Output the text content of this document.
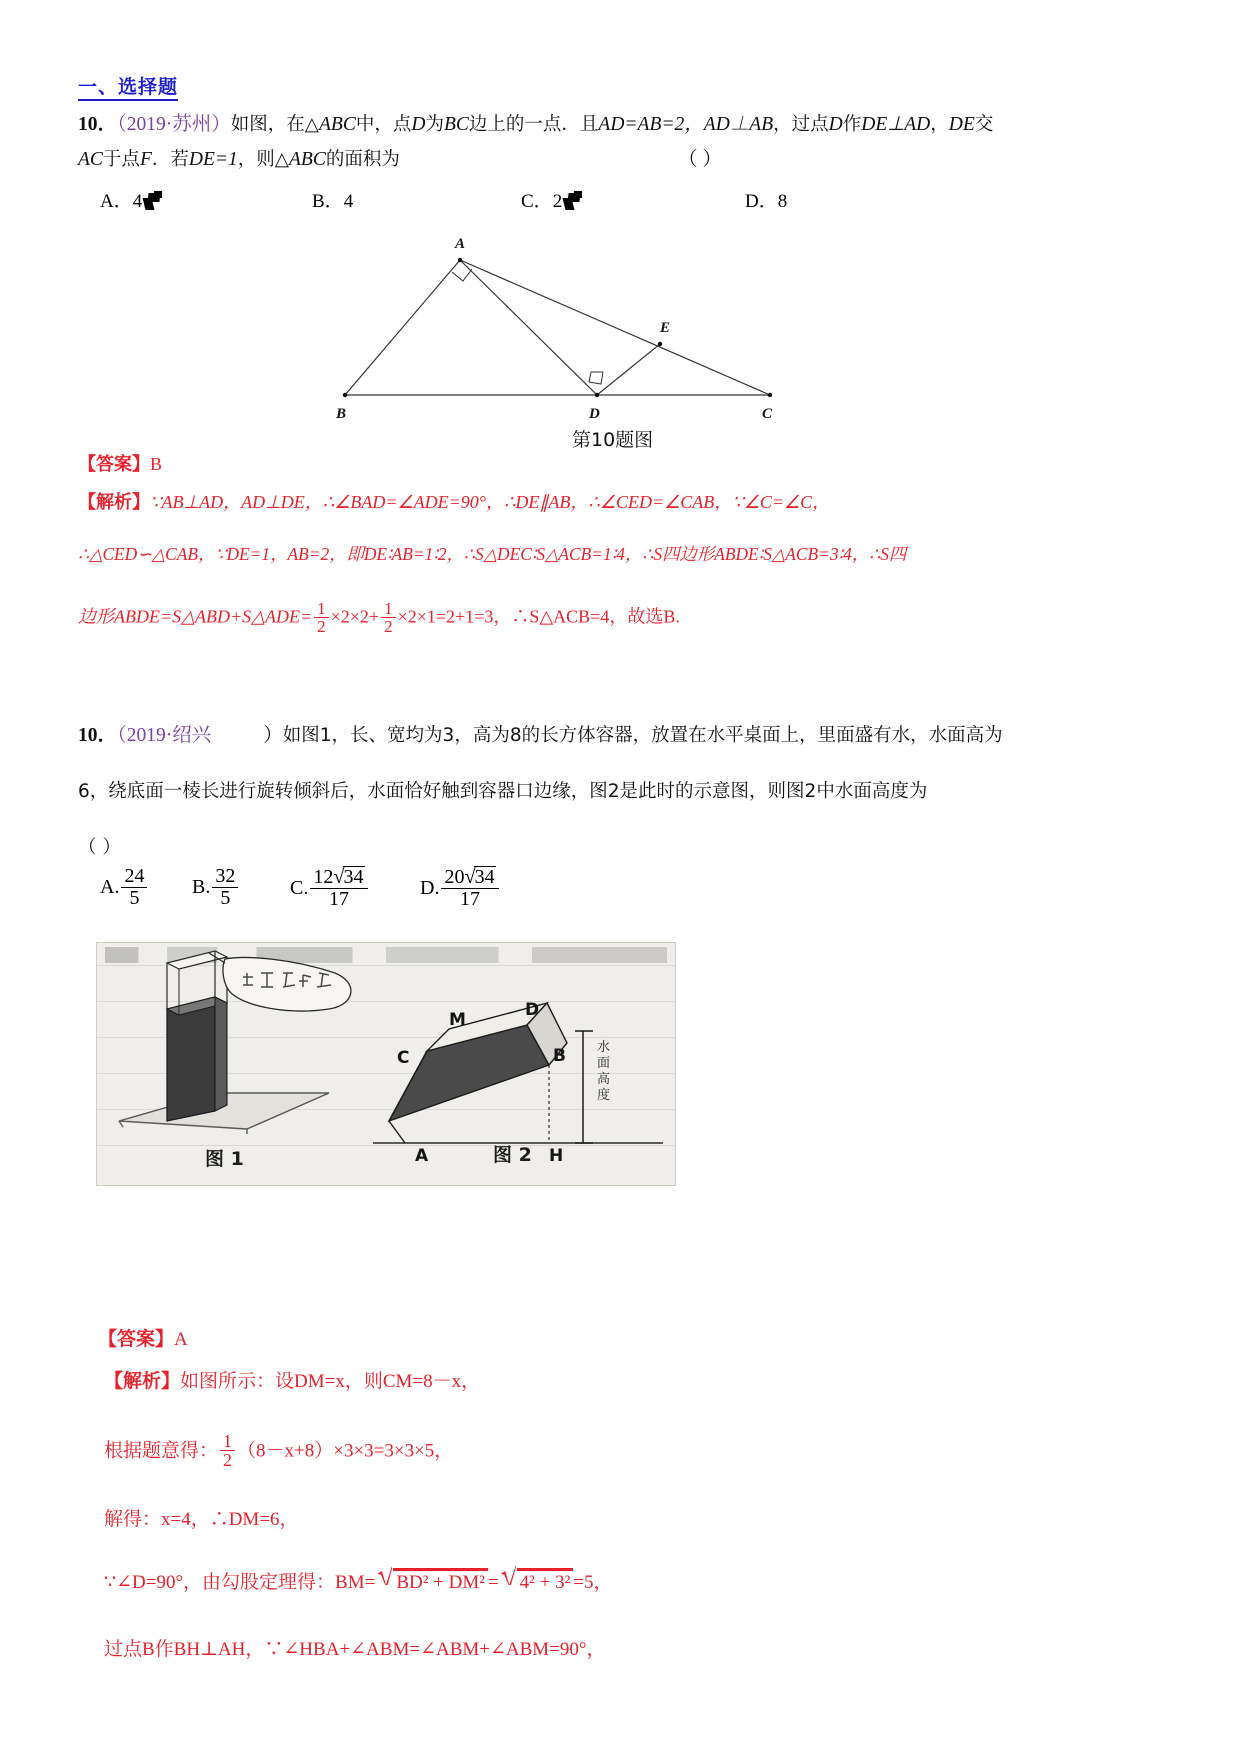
一、选择题
10．（2019·苏州）如图，在△ABC中，点D为BC边上的一点．且AD=AB=2，AD⊥AB，过点D作DE⊥AD，DE交
AC于点F．若DE=1，则△ABC的面积为	（ ）
A．4	B．4	C．2	D．8
A
B	C
D
E
第10题图
【答案】B
【解析】∵AB⊥AD，AD⊥DE，∴∠BAD=∠ADE=90°，∴DE∥AB，∴∠CED=∠CAB，∵∠C=∠C，
∴△CED∽△CAB，∵DE=1，AB=2，即DE∶AB=1∶2，∴S△DEC∶S△ACB=1∶4，∴S四边形ABDE∶S△ACB=3∶4，∴S四
边形ABDE=S△ABD+S△ADE= $\frac{1}{2} \times 2\times 2+ \frac{1}{2} \times 2\times 1=2+1=3$，∴S△ACB=4，故选B.
10．（2019·绍兴	）如图1，长、宽均为3，高为8的长方体容器，放置在水平桌面上，里面盛有水，水面高为
6，绕底面一棱长进行旋转倾斜后，水面恰好触到容器口边缘，图2是此时的示意图，则图2中水面高度为
（ ）
A. $\frac{24}{5} B$. $\frac{32}{5}$	C. $\frac{12√34}{17}$	D. $\frac{20√34}{17}$
图 1
D
M
C	B
A	H
图 2
水
面
高
度
【答案】A
【解析】如图所示：设DM=x，则CM=8－x，
根据题意得： $\frac{1}{2} (8-x+8)\times 3\times 3=3\times 3\times 5$，
解得：x=4，∴DM=6，
∵∠D=90°，由勾股定理得：BM= BD² + DM² = 4² + 3² =5，
过点B作BH⊥AH，∵∠HBA+∠ABM=∠ABM+∠ABM=90°，
